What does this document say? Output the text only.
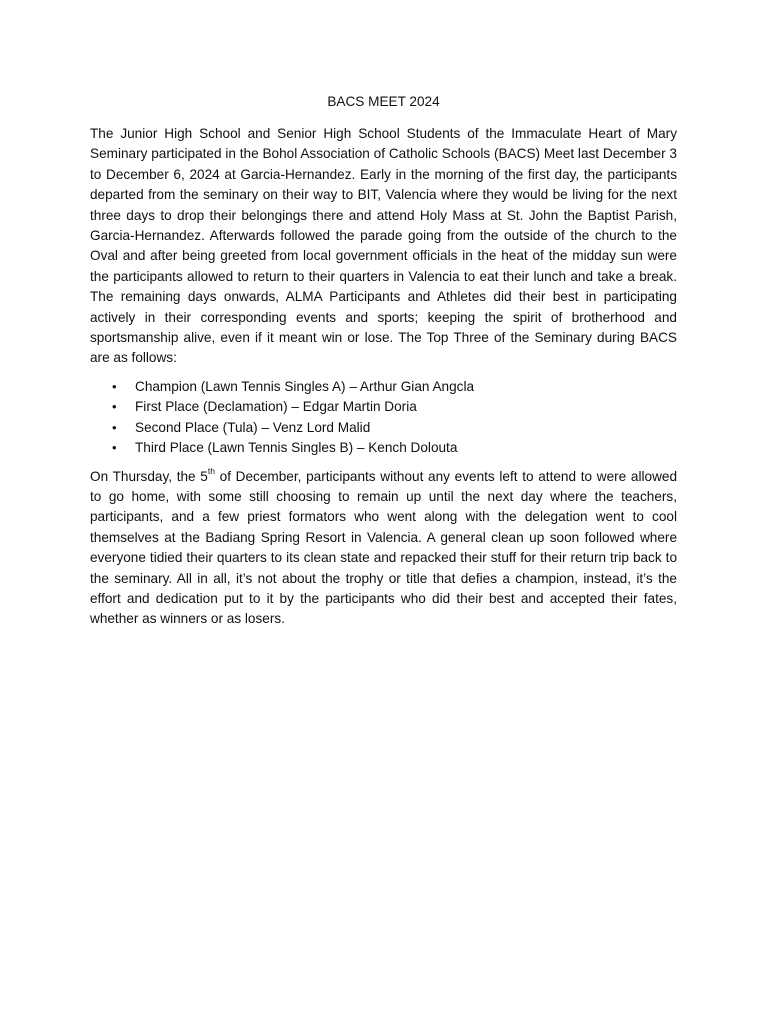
BACS MEET 2024

The Junior High School and Senior High School Students of the Immaculate Heart of Mary Seminary participated in the Bohol Association of Catholic Schools (BACS) Meet last December 3 to December 6, 2024 at Garcia-Hernandez. Early in the morning of the first day, the participants departed from the seminary on their way to BIT, Valencia where they would be living for the next three days to drop their belongings there and attend Holy Mass at St. John the Baptist Parish, Garcia-Hernandez. Afterwards followed the parade going from the outside of the church to the Oval and after being greeted from local government officials in the heat of the midday sun were the participants allowed to return to their quarters in Valencia to eat their lunch and take a break. The remaining days onwards, ALMA Participants and Athletes did their best in participating actively in their corresponding events and sports; keeping the spirit of brotherhood and sportsmanship alive, even if it meant win or lose. The Top Three of the Seminary during BACS are as follows:

• Champion (Lawn Tennis Singles A) – Arthur Gian Angcla
• First Place (Declamation) – Edgar Martin Doria
• Second Place (Tula) – Venz Lord Malid
• Third Place (Lawn Tennis Singles B) – Kench Dolouta

On Thursday, the 5th of December, participants without any events left to attend to were allowed to go home, with some still choosing to remain up until the next day where the teachers, participants, and a few priest formators who went along with the delegation went to cool themselves at the Badiang Spring Resort in Valencia. A general clean up soon followed where everyone tidied their quarters to its clean state and repacked their stuff for their return trip back to the seminary. All in all, it’s not about the trophy or title that defies a champion, instead, it’s the effort and dedication put to it by the participants who did their best and accepted their fates, whether as winners or as losers.
